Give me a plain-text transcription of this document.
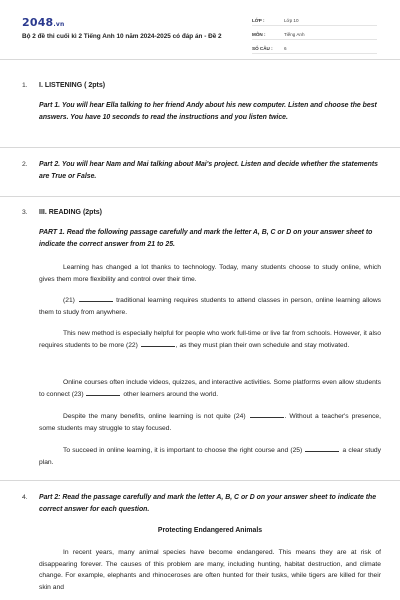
2048.vn
Bộ 2 đề thi cuối kì 2 Tiếng Anh 10 năm 2024-2025 có đáp án - Đề 2
LỚP :	Lớp 10
MÔN :	Tiếng Anh
SỐ CÂU : 6
1. I. LISTENING ( 2pts)
Part 1. You will hear Ella talking to her friend Andy about his new computer. Listen and choose the best answers. You have 10 seconds to read the instructions and you listen twice.
2. Part 2. You will hear Nam and Mai talking about Mai's project. Listen and decide whether the statements are True or False.
3. III. READING (2pts)
PART 1. Read the following passage carefully and mark the letter A, B, C or D on your answer sheet to indicate the correct answer from 21 to 25.
Learning has changed a lot thanks to technology. Today, many students choose to study online, which gives them more flexibility and control over their time.
(21)	traditional learning requires students to attend classes in person, online learning allows them to study from anywhere.
This new method is especially helpful for people who work full-time or live far from schools. However, it also requires students to be more (22)	, as they must plan their own schedule and stay motivated.
Online courses often include videos, quizzes, and interactive activities. Some platforms even allow students to connect (23)	other learners around the world.
Despite the many benefits, online learning is not quite (24)	. Without a teacher's presence, some students may struggle to stay focused.
To succeed in online learning, it is important to choose the right course and (25)	a clear study plan.
4. Part 2: Read the passage carefully and mark the letter A, B, C or D on your answer sheet to indicate the correct answer for each question.
Protecting Endangered Animals
In recent years, many animal species have become endangered. This means they are at risk of disappearing forever. The causes of this problem are many, including hunting, habitat destruction, and climate change. For example, elephants and rhinoceroses are often hunted for their tusks, while tigers are killed for their skin and
